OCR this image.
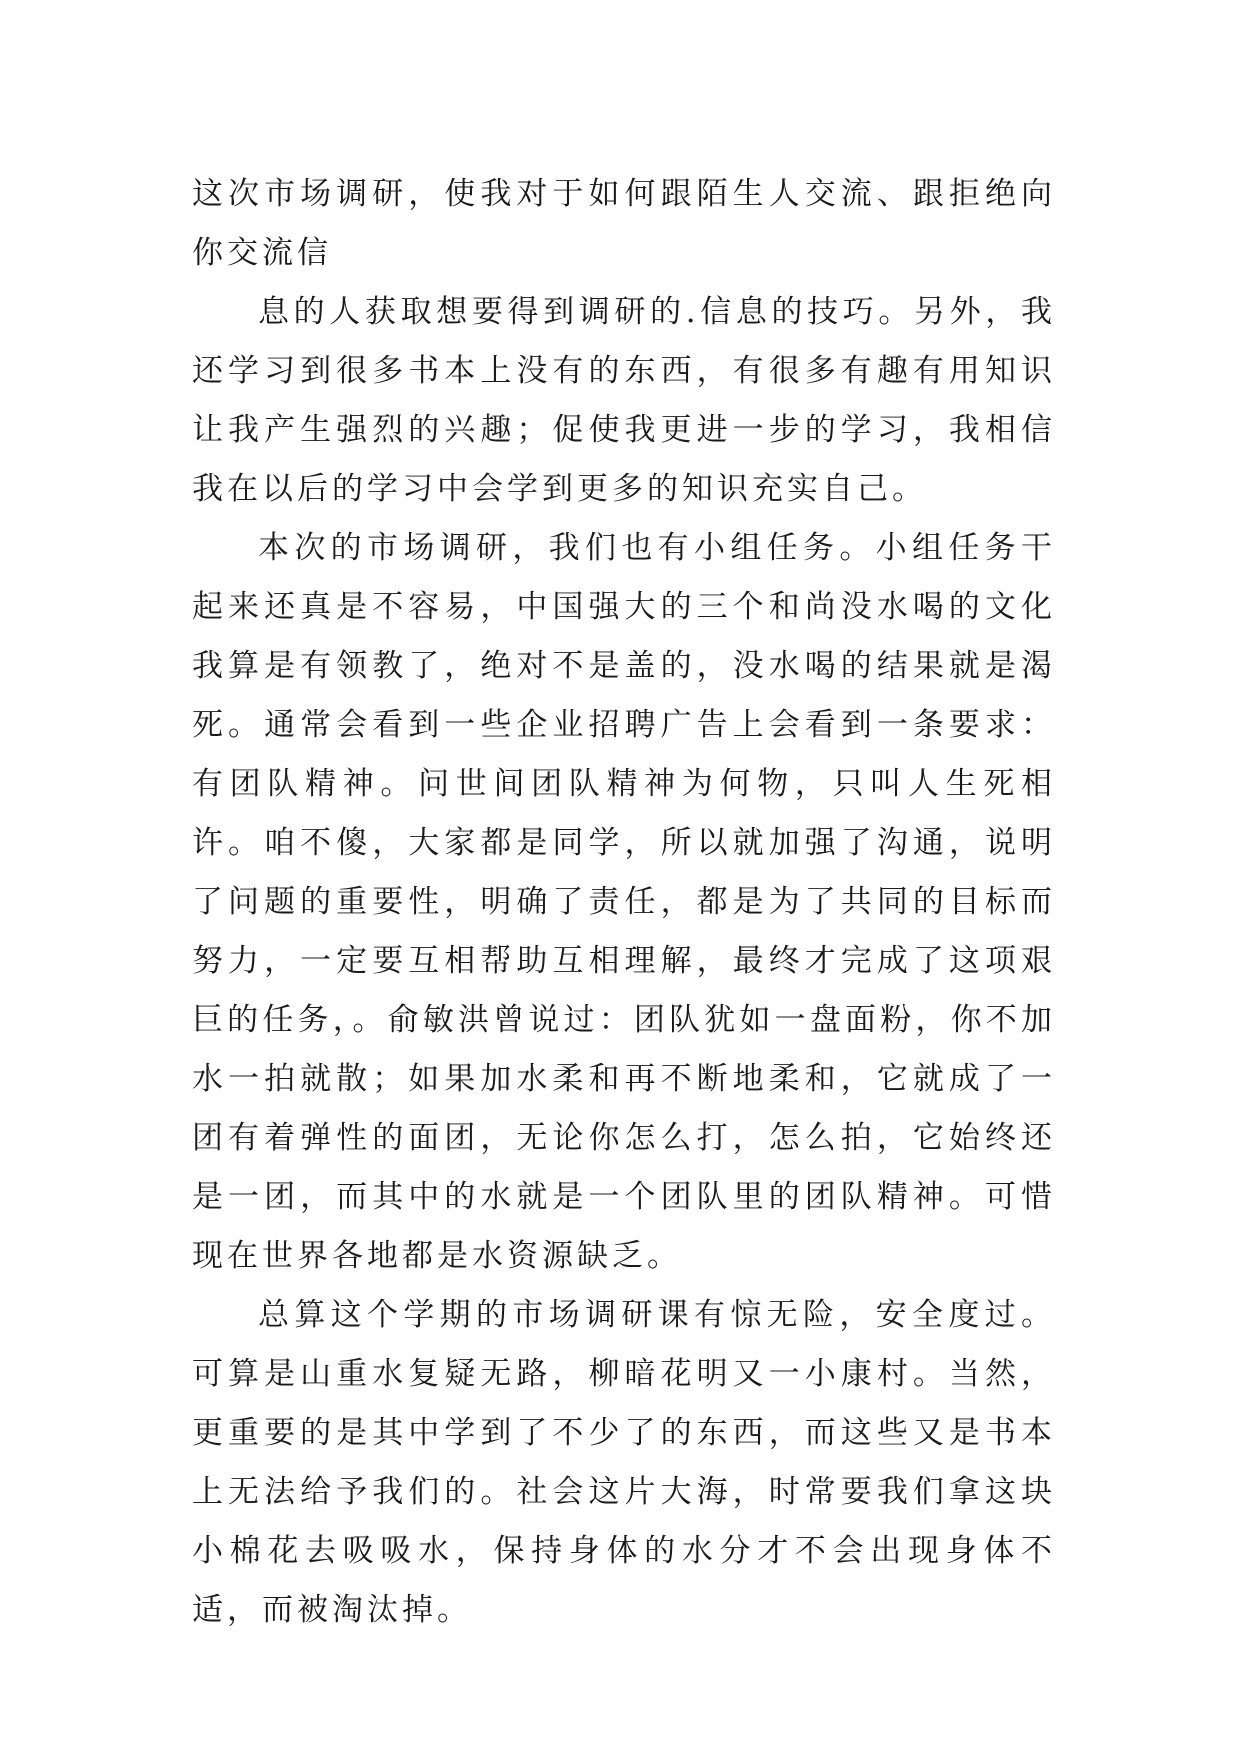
这次市场调研，使我对于如何跟陌生人交流、跟拒绝向你交流信

息的人获取想要得到调研的.信息的技巧。另外，我还学习到很多书本上没有的东西，有很多有趣有用知识让我产生强烈的兴趣；促使我更进一步的学习，我相信我在以后的学习中会学到更多的知识充实自己。

本次的市场调研，我们也有小组任务。小组任务干起来还真是不容易，中国强大的三个和尚没水喝的文化我算是有领教了，绝对不是盖的，没水喝的结果就是渴死。通常会看到一些企业招聘广告上会看到一条要求：有团队精神。问世间团队精神为何物，只叫人生死相许。咱不傻，大家都是同学，所以就加强了沟通，说明了问题的重要性，明确了责任，都是为了共同的目标而努力，一定要互相帮助互相理解，最终才完成了这项艰巨的任务，。俞敏洪曾说过：团队犹如一盘面粉，你不加水一拍就散；如果加水柔和再不断地柔和，它就成了一团有着弹性的面团，无论你怎么打，怎么拍，它始终还是一团，而其中的水就是一个团队里的团队精神。可惜现在世界各地都是水资源缺乏。

总算这个学期的市场调研课有惊无险，安全度过。可算是山重水复疑无路，柳暗花明又一小康村。当然，更重要的是其中学到了不少了的东西，而这些又是书本上无法给予我们的。社会这片大海，时常要我们拿这块小棉花去吸吸水，保持身体的水分才不会出现身体不适，而被淘汰掉。
